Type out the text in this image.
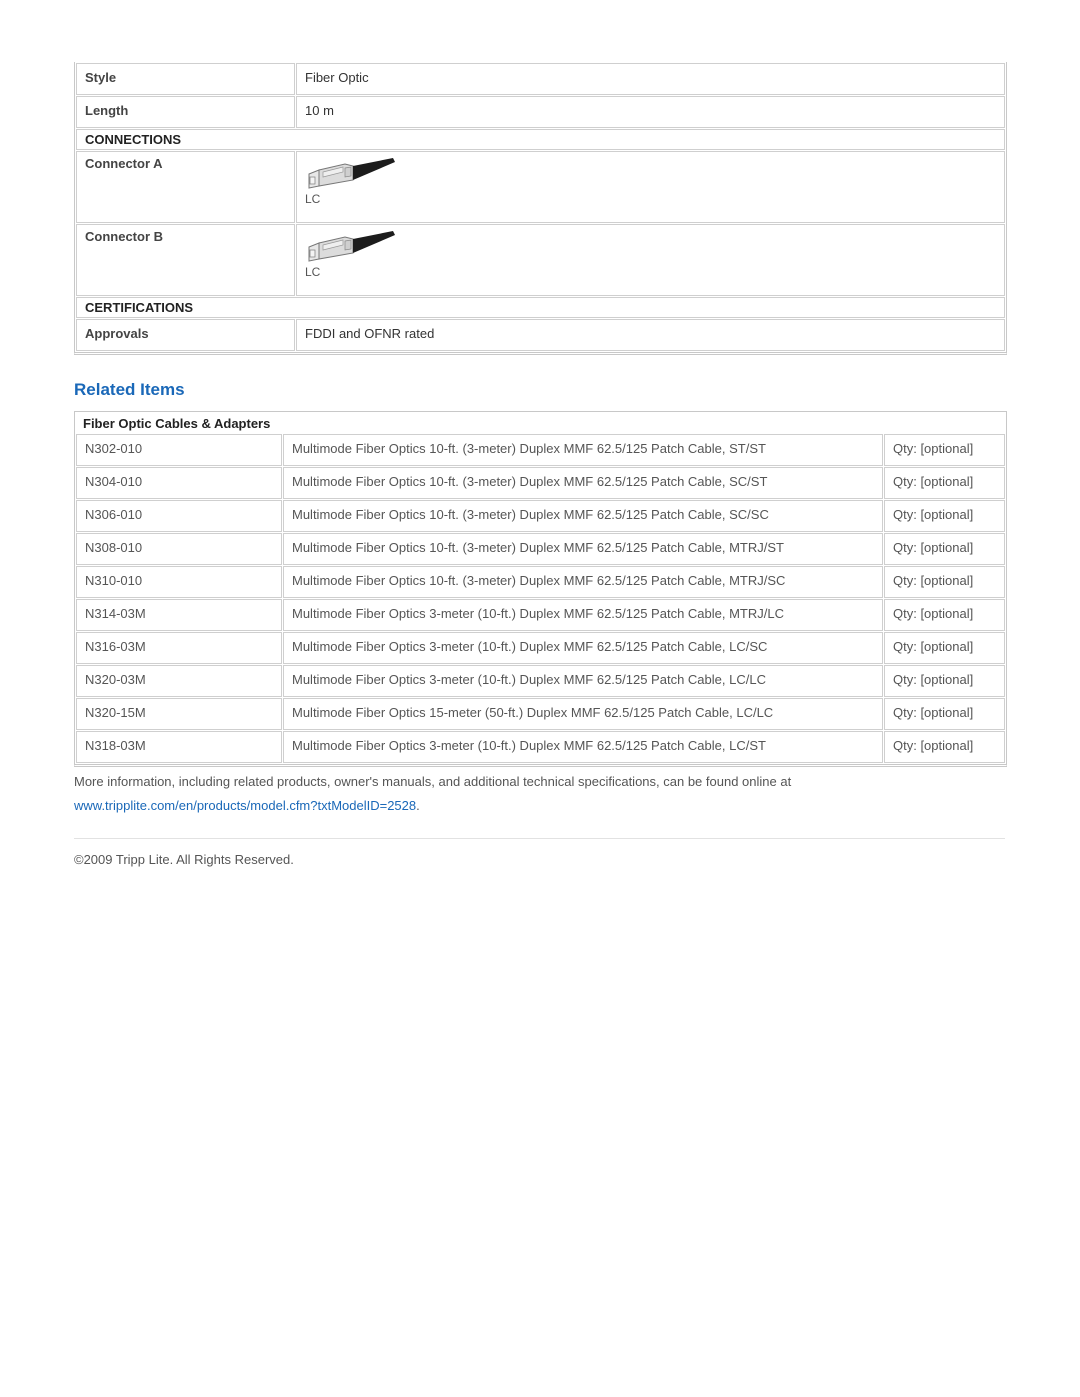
Style	Fiber Optic
Length	10 m
CONNECTIONS	
Connector A	LC

Connector B	LC

CERTIFICATIONS	
Approvals	FDDI and OFNR rated
Related Items
Fiber Optic Cables & Adapters
N302-010	Multimode Fiber Optics 10-ft. (3-meter) Duplex MMF 62.5/125 Patch Cable, ST/ST	Qty: [optional]
N304-010	Multimode Fiber Optics 10-ft. (3-meter) Duplex MMF 62.5/125 Patch Cable, SC/ST	Qty: [optional]
N306-010	Multimode Fiber Optics 10-ft. (3-meter) Duplex MMF 62.5/125 Patch Cable, SC/SC	Qty: [optional]
N308-010	Multimode Fiber Optics 10-ft. (3-meter) Duplex MMF 62.5/125 Patch Cable, MTRJ/ST	Qty: [optional]
N310-010	Multimode Fiber Optics 10-ft. (3-meter) Duplex MMF 62.5/125 Patch Cable, MTRJ/SC	Qty: [optional]
N314-03M	Multimode Fiber Optics 3-meter (10-ft.) Duplex MMF 62.5/125 Patch Cable, MTRJ/LC	Qty: [optional]
N316-03M	Multimode Fiber Optics 3-meter (10-ft.) Duplex MMF 62.5/125 Patch Cable, LC/SC	Qty: [optional]
N320-03M	Multimode Fiber Optics 3-meter (10-ft.) Duplex MMF 62.5/125 Patch Cable, LC/LC	Qty: [optional]
N320-15M	Multimode Fiber Optics 15-meter (50-ft.) Duplex MMF 62.5/125 Patch Cable, LC/LC	Qty: [optional]
N318-03M	Multimode Fiber Optics 3-meter (10-ft.) Duplex MMF 62.5/125 Patch Cable, LC/ST	Qty: [optional]
More information, including related products, owner's manuals, and additional technical specifications, can be found online at
www.tripplite.com/en/products/model.cfm?txtModelID=2528.
©2009 Tripp Lite. All Rights Reserved.
